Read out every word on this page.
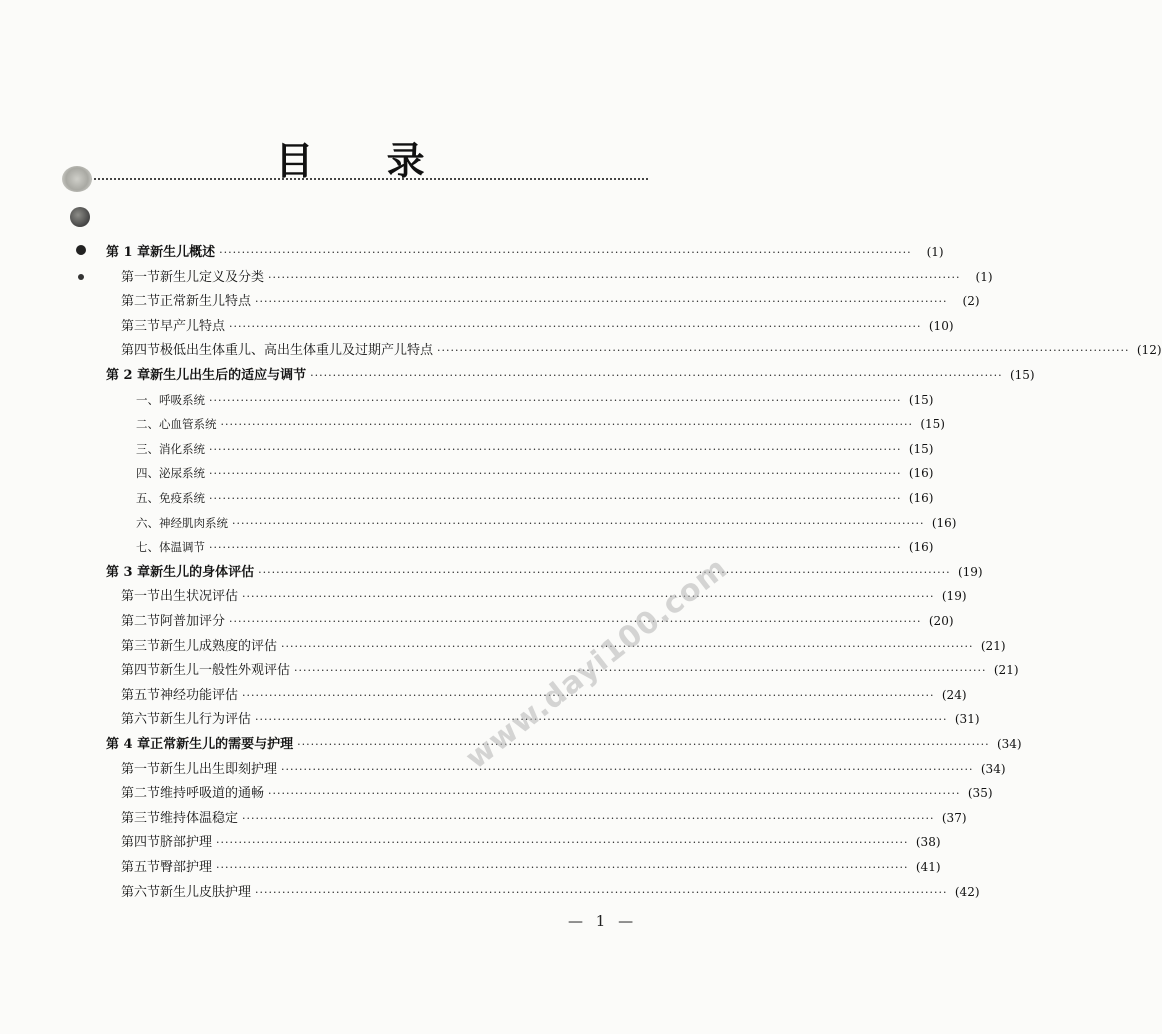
目 录
第 1 章 新生儿概述 ·····	(1)
第一节 新生儿定义及分类 ·····	(1)
第二节 正常新生儿特点 ·····	(2)
第三节 早产儿特点 ·····	(10)
第四节 极低出生体重儿、高出生体重儿及过期产儿特点 ·····	(12)
第 2 章 新生儿出生后的适应与调节 ·····	(15)
一、呼吸系统 ·····	(15)
二、心血管系统 ·····	(15)
三、消化系统 ·····	(15)
四、泌尿系统 ·····	(16)
五、免疫系统 ·····	(16)
六、神经肌肉系统 ·····	(16)
七、体温调节 ·····	(16)
第 3 章 新生儿的身体评估 ·····	(19)
第一节 出生状况评估 ·····	(19)
第二节 阿普加评分 ·····	(20)
第三节 新生儿成熟度的评估 ·····	(21)
第四节 新生儿一般性外观评估 ·····	(21)
第五节 神经功能评估 ·····	(24)
第六节 新生儿行为评估 ·····	(31)
第 4 章 正常新生儿的需要与护理 ·····	(34)
第一节 新生儿出生即刻护理 ·····	(34)
第二节 维持呼吸道的通畅 ·····	(35)
第三节 维持体温稳定 ·····	(37)
第四节 脐部护理 ·····	(38)
第五节 臀部护理 ·····	(41)
第六节 新生儿皮肤护理 ·····	(42)
www.dayi100.com
— 1 —
